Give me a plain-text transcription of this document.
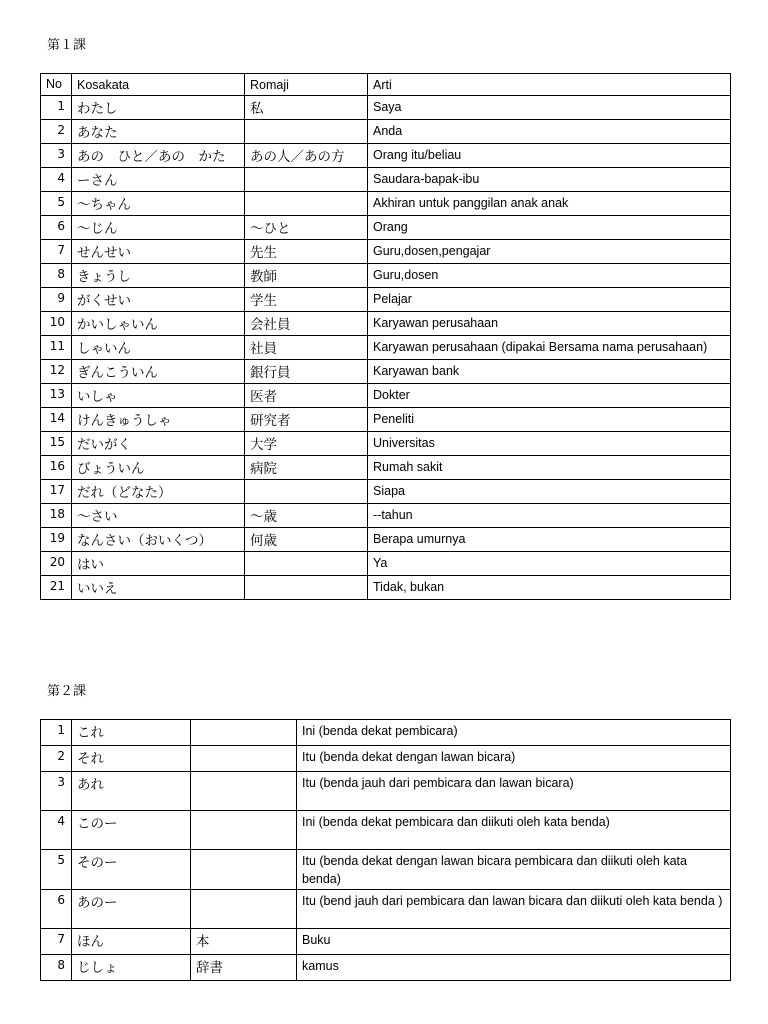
第１課
No	Kosakata	Romaji	Arti
1	わたし	私	Saya
2	あなた		Anda
3	あの　ひと／あの　かた	あの人／あの方	Orang itu/beliau
4	ーさん		Saudara-bapak-ibu
5	～ちゃん		Akhiran untuk panggilan anak anak
6	～じん	～ひと	Orang
7	せんせい	先生	Guru,dosen,pengajar
8	きょうし	教師	Guru,dosen
9	がくせい	学生	Pelajar
10	かいしゃいん	会社員	Karyawan perusahaan
11	しゃいん	社員	Karyawan perusahaan (dipakai Bersama nama perusahaan)
12	ぎんこういん	銀行員	Karyawan bank
13	いしゃ	医者	Dokter
14	けんきゅうしゃ	研究者	Peneliti
15	だいがく	大学	Universitas
16	びょういん	病院	Rumah sakit
17	だれ（どなた）		Siapa
18	～さい	～歳	--tahun
19	なんさい（おいくつ）	何歳	Berapa umurnya
20	はい		Ya
21	いいえ		Tidak, bukan
第２課
1	これ		Ini (benda dekat pembicara)
2	それ		Itu (benda dekat dengan lawan bicara)
3	あれ		Itu (benda jauh dari pembicara dan lawan bicara)
4	このー		Ini (benda dekat pembicara dan diikuti oleh kata benda)
5	そのー		Itu (benda dekat dengan lawan bicara pembicara dan diikuti oleh kata benda)
6	あのー		Itu (bend jauh dari pembicara dan lawan bicara dan diikuti oleh kata benda )
7	ほん	本	Buku
8	じしょ	辞書	kamus
